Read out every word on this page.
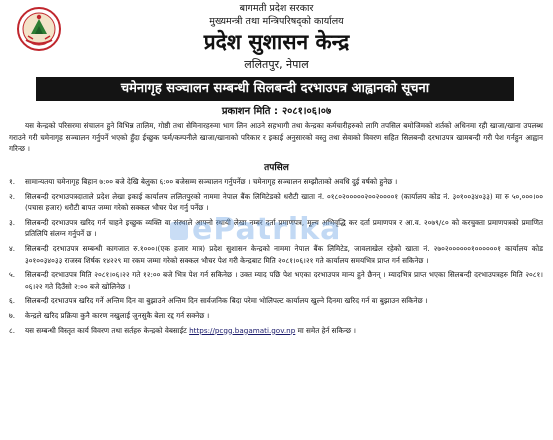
बागमती प्रदेश सरकार
मुख्यमन्त्री तथा मन्त्रिपरिषद्को कार्यालय
प्रदेश सुशासन केन्द्र
ललितपुर, नेपाल
चमेनागृह सञ्चालन सम्बन्धी सिलबन्दी दरभाउपत्र आह्वानको सूचना
प्रकाशन मिति : २०८१।०६।०७
यस केन्द्रको परिसरमा संचालन हुने विभिन्न तालिम, गोष्ठी तथा सेमिनारहरुमा भाग लिन आउने सहभागी तथा केन्द्रका कर्मचारीहरुको लागि तपसिल बमोजिमको शर्तको अधिनमा रही खाजा/खाना उपलब्ध गराउने गरी चमेनागृह सञ्चालन गर्नुपर्ने भएको हुँदा ईच्छुक फर्म/कम्पनीले खाजा/खानाको परिकार र इकाई अनुसारको वस्तु तथा सेवाको विवरण सहित सिलबन्दी दरभाउपत्र खामबन्दी गरी पेश गर्नहुन आह्वान गरिन्छ ।
तपसिल
१.	सामान्यतया चमेनागृह बिहान ७:०० बजे देखि बेलुका ६:०० बजेसम्म सञ्चालन गर्नुपर्नेछ । चमेनागृह सञ्चालन सम्झौताको अवधि दुई वर्षको हुनेछ ।
२.	सिलबन्दी दरभाउपत्रदाताले प्रदेश लेखा इकाई कार्यालय ललितपुरको नाममा नेपाल बैंक लिमिटेडको धरौटी खाता नं. ०१८०२०००००२००२००००१ (कार्यालय कोड नं. ३०१००३४०३३) मा रु ५०,०००।०० (पचास हजार) धरौटी बापत जम्मा गरेको सक्कल भौचर पेश गर्नु पर्नेछ ।
३.	सिलबन्दी दरभाउपत्र खरिद गर्न चाहने इच्छुक व्यक्ति वा संस्थाले आफ्नो स्थायी लेखा नम्बर दर्ता प्रमाणपत्र, मूल्य अभिवृद्धि कर दर्ता प्रमाणपत्र र आ.व. २०७९/८० को करचुक्ता प्रमाणपत्रको प्रमाणित प्रतिलिपि संलग्न गर्नुपर्ने छ ।
४.	सिलबन्दी दरभाउपत्र सम्बन्धी कागजात रु.१०००।(एक हजार मात्र) प्रदेश सुशासन केन्द्रको नाममा नेपाल बैंक लिमिटेड, जावलाखेल रहेको खाता नं. २७०२००००००१००००००१ कार्यालय कोड ३०१००३४०३३ राजस्व शिर्षक १४२२९ मा रकम जम्मा गरेको सक्कल भौचर पेश गरी केन्द्रबाट मिति २०८१।०६।२१ गते कार्यालय समयभित्र प्राप्त गर्न सकिनेछ ।
५.	सिलबन्दी दरभाउपत्र मिति २०८१।०६।२२ गते १२:०० बजे भित्र पेश गर्न सकिनेछ । उक्त म्याद पछि पेश भएका दरभाउपत्र मान्य हुने छैनन् । म्यादभित्र प्राप्त भएका सिलबन्दी दरभाउपत्रहरु मिति २०८१।०६।२२ गते दिउँसो २:०० बजे खोलिनेछ ।
६.	सिलबन्दी दरभाउपत्र खरिद गर्ने अन्तिम दिन वा बुझाउने अन्तिम दिन सार्वजनिक बिदा परेमा भोलिपल्ट कार्यालय खुल्ने दिनमा खरिद गर्न वा बुझाउन सकिनेछ ।
७.	केन्द्रले खरिद प्रक्रिया कुनै कारण नखुलाई जुनसुकै बेला रद्द गर्न सक्नेछ ।
८.	यस सम्बन्धी विस्तृत कार्य विवरण तथा सर्तहरु केन्द्रको वेबसाईट https://pcgg.bagamati.gov.np मा समेत हेर्न सकिन्छ ।
ePatrika
